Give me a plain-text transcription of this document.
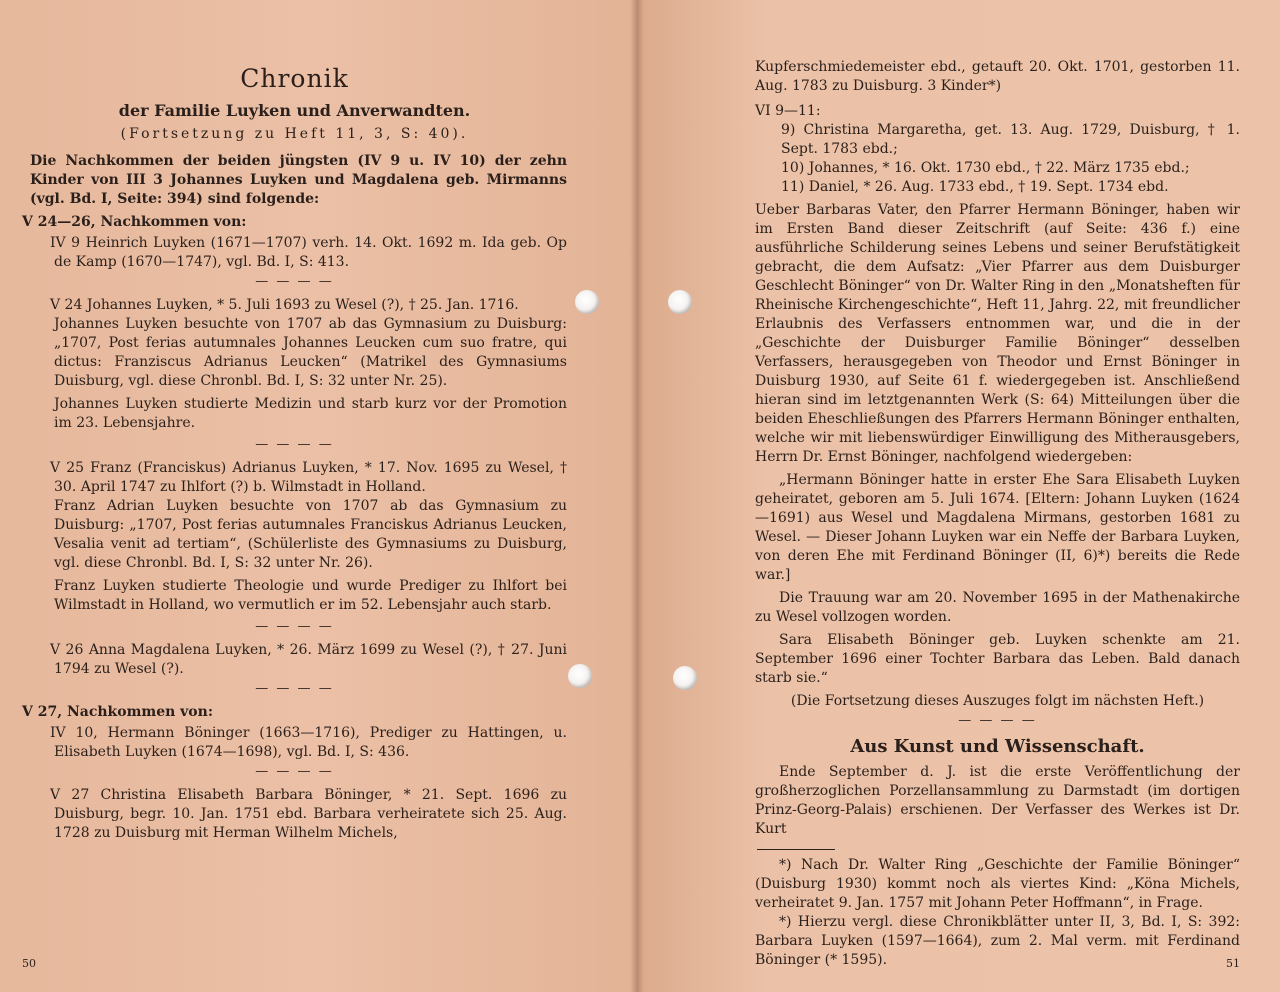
Chronik

der Familie Luyken und Anverwandten.

(Fortsetzung zu Heft 11, 3, S: 40).

Die Nachkommen der beiden jüngsten (IV 9 u. IV 10) der zehn Kinder von III 3 Johannes Luyken und Magdalena geb. Mirmanns (vgl. Bd. I, Seite: 394) sind folgende:

V 24—26, Nachkommen von:

IV 9 Heinrich Luyken (1671—1707) verh. 14. Okt. 1692 m. Ida geb. Op de Kamp (1670—1747), vgl. Bd. I, S: 413.

— — — —

V 24 Johannes Luyken, * 5. Juli 1693 zu Wesel (?), † 25. Jan. 1716.

Johannes Luyken besuchte von 1707 ab das Gymnasium zu Duisburg: „1707, Post ferias autumnales Johannes Leucken cum suo fratre, qui dictus: Franziscus Adrianus Leucken“ (Matrikel des Gymnasiums Duisburg, vgl. diese Chronbl. Bd. I, S: 32 unter Nr. 25).

Johannes Luyken studierte Medizin und starb kurz vor der Promotion im 23. Lebensjahre.

— — — —

V 25 Franz (Franciskus) Adrianus Luyken, * 17. Nov. 1695 zu Wesel, † 30. April 1747 zu Ihlfort (?) b. Wilmstadt in Holland.

Franz Adrian Luyken besuchte von 1707 ab das Gymnasium zu Duisburg: „1707, Post ferias autumnales Franciskus Adrianus Leucken, Vesalia venit ad tertiam“, (Schülerliste des Gymnasiums zu Duisburg, vgl. diese Chronbl. Bd. I, S: 32 unter Nr. 26).

Franz Luyken studierte Theologie und wurde Prediger zu Ihlfort bei Wilmstadt in Holland, wo vermutlich er im 52. Lebensjahr auch starb.

— — — —

V 26 Anna Magdalena Luyken, * 26. März 1699 zu Wesel (?), † 27. Juni 1794 zu Wesel (?).

— — — —

V 27, Nachkommen von:

IV 10, Hermann Böninger (1663—1716), Prediger zu Hattingen, u. Elisabeth Luyken (1674—1698), vgl. Bd. I, S: 436.

— — — —

V 27 Christina Elisabeth Barbara Böninger, * 21. Sept. 1696 zu Duisburg, begr. 10. Jan. 1751 ebd. Barbara verheiratete sich 25. Aug. 1728 zu Duisburg mit Herman Wilhelm Michels,

50

Kupferschmiedemeister ebd., getauft 20. Okt. 1701, gestorben 11. Aug. 1783 zu Duisburg. 3 Kinder*)

VI 9—11:

9) Christina Margaretha, get. 13. Aug. 1729, Duisburg, † 1. Sept. 1783 ebd.;

10) Johannes, * 16. Okt. 1730 ebd., † 22. März 1735 ebd.;

11) Daniel, * 26. Aug. 1733 ebd., † 19. Sept. 1734 ebd.

Ueber Barbaras Vater, den Pfarrer Hermann Böninger, haben wir im Ersten Band dieser Zeitschrift (auf Seite: 436 f.) eine ausführliche Schilderung seines Lebens und seiner Berufstätigkeit gebracht, die dem Aufsatz: „Vier Pfarrer aus dem Duisburger Geschlecht Böninger“ von Dr. Walter Ring in den „Monatsheften für Rheinische Kirchengeschichte“, Heft 11, Jahrg. 22, mit freundlicher Erlaubnis des Verfassers entnommen war, und die in der „Geschichte der Duisburger Familie Böninger“ desselben Verfassers, herausgegeben von Theodor und Ernst Böninger in Duisburg 1930, auf Seite 61 f. wiedergegeben ist. Anschließend hieran sind im letztgenannten Werk (S: 64) Mitteilungen über die beiden Eheschließungen des Pfarrers Hermann Böninger enthalten, welche wir mit liebenswürdiger Einwilligung des Mitherausgebers, Herrn Dr. Ernst Böninger, nachfolgend wiedergeben:

„Hermann Böninger hatte in erster Ehe Sara Elisabeth Luyken geheiratet, geboren am 5. Juli 1674. [Eltern: Johann Luyken (1624—1691) aus Wesel und Magdalena Mirmans, gestorben 1681 zu Wesel. — Dieser Johann Luyken war ein Neffe der Barbara Luyken, von deren Ehe mit Ferdinand Böninger (II, 6)*) bereits die Rede war.]

Die Trauung war am 20. November 1695 in der Mathenakirche zu Wesel vollzogen worden.

Sara Elisabeth Böninger geb. Luyken schenkte am 21. September 1696 einer Tochter Barbara das Leben. Bald danach starb sie.“

(Die Fortsetzung dieses Auszuges folgt im nächsten Heft.)

— — — —

Aus Kunst und Wissenschaft.

Ende September d. J. ist die erste Veröffentlichung der großherzoglichen Porzellansammlung zu Darmstadt (im dortigen Prinz-Georg-Palais) erschienen. Der Verfasser des Werkes ist Dr. Kurt

*) Nach Dr. Walter Ring „Geschichte der Familie Böninger“ (Duisburg 1930) kommt noch als viertes Kind: „Köna Michels, verheiratet 9. Jan. 1757 mit Johann Peter Hoffmann“, in Frage.

*) Hierzu vergl. diese Chronikblätter unter II, 3, Bd. I, S: 392: Barbara Luyken (1597—1664), zum 2. Mal verm. mit Ferdinand Böninger (* 1595).	51
